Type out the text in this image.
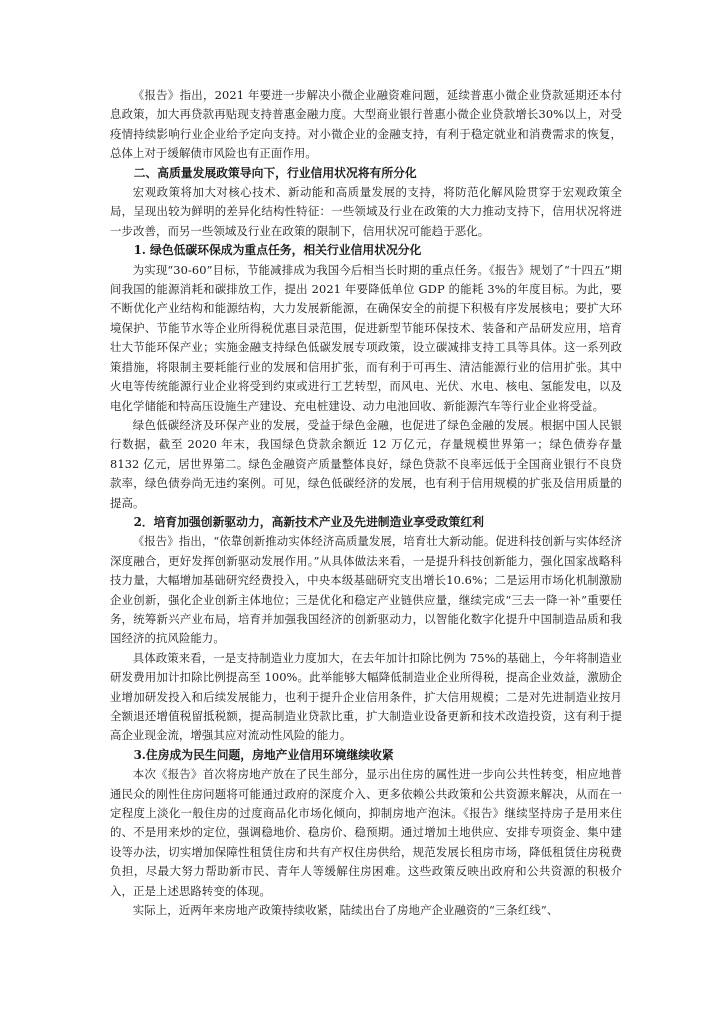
《报告》指出，2021 年要进一步解决小微企业融资难问题，延续普惠小微企业贷款延期还本付息政策，加大再贷款再贴现支持普惠金融力度。大型商业银行普惠小微企业贷款增长30%以上，对受疫情持续影响行业企业给予定向支持。对小微企业的金融支持，有利于稳定就业和消费需求的恢复，总体上对于缓解债市风险也有正面作用。

二、高质量发展政策导向下，行业信用状况将有所分化

宏观政策将加大对核心技术、新动能和高质量发展的支持，将防范化解风险贯穿于宏观政策全局，呈现出较为鲜明的差异化结构性特征：一些领域及行业在政策的大力推动支持下，信用状况将进一步改善，而另一些领域及行业在政策的限制下，信用状况可能趋于恶化。

1. 绿色低碳环保成为重点任务，相关行业信用状况分化

为实现“30-60”目标，节能减排成为我国今后相当长时期的重点任务。《报告》规划了“十四五”期间我国的能源消耗和碳排放工作，提出 2021 年要降低单位 GDP 的能耗 3%的年度目标。为此，要不断优化产业结构和能源结构，大力发展新能源，在确保安全的前提下积极有序发展核电；要扩大环境保护、节能节水等企业所得税优惠目录范围，促进新型节能环保技术、装备和产品研发应用，培育壮大节能环保产业；实施金融支持绿色低碳发展专项政策，设立碳减排支持工具等具体。这一系列政策措施，将限制主要耗能行业的发展和信用扩张，而有利于可再生、清洁能源行业的信用扩张。其中火电等传统能源行业企业将受到约束或进行工艺转型，而风电、光伏、水电、核电、氢能发电，以及电化学储能和特高压设施生产建设、充电桩建设、动力电池回收、新能源汽车等行业企业将受益。

绿色低碳经济及环保产业的发展，受益于绿色金融，也促进了绿色金融的发展。根据中国人民银行数据，截至 2020 年末，我国绿色贷款余额近 12 万亿元，存量规模世界第一；绿色债券存量 8132 亿元，居世界第二。绿色金融资产质量整体良好，绿色贷款不良率远低于全国商业银行不良贷款率，绿色债券尚无违约案例。可见，绿色低碳经济的发展，也有利于信用规模的扩张及信用质量的提高。

2．培育加强创新驱动力，高新技术产业及先进制造业享受政策红利

《报告》指出，“依靠创新推动实体经济高质量发展，培育壮大新动能。促进科技创新与实体经济深度融合，更好发挥创新驱动发展作用。”从具体做法来看，一是提升科技创新能力，强化国家战略科技力量，大幅增加基础研究经费投入，中央本级基础研究支出增长10.6%；二是运用市场化机制激励企业创新，强化企业创新主体地位；三是优化和稳定产业链供应量，继续完成“三去一降一补”重要任务，统筹新兴产业布局，培育并加强我国经济的创新驱动力，以智能化数字化提升中国制造品质和我国经济的抗风险能力。

具体政策来看，一是支持制造业力度加大，在去年加计扣除比例为 75%的基础上，今年将制造业研发费用加计扣除比例提高至 100%。此举能够大幅降低制造业企业所得税，提高企业效益，激励企业增加研发投入和后续发展能力，也利于提升企业信用条件，扩大信用规模；二是对先进制造业按月全额退还增值税留抵税额，提高制造业贷款比重，扩大制造业设备更新和技术改造投资，这有利于提高企业现金流，增强其应对流动性风险的能力。

3.住房成为民生问题，房地产业信用环境继续收紧

本次《报告》首次将房地产放在了民生部分，显示出住房的属性进一步向公共性转变，相应地普通民众的刚性住房问题将可能通过政府的深度介入、更多依赖公共政策和公共资源来解决，从而在一定程度上淡化一般住房的过度商品化市场化倾向，抑制房地产泡沫。《报告》继续坚持房子是用来住的、不是用来炒的定位，强调稳地价、稳房价、稳预期。通过增加土地供应、安排专项资金、集中建设等办法，切实增加保障性租赁住房和共有产权住房供给，规范发展长租房市场，降低租赁住房税费负担，尽最大努力帮助新市民、青年人等缓解住房困难。这些政策反映出政府和公共资源的积极介入，正是上述思路转变的体现。

实际上，近两年来房地产政策持续收紧，陆续出台了房地产企业融资的“三条红线”、
